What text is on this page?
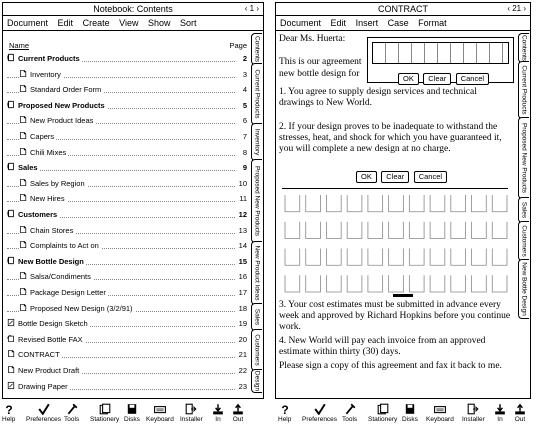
Notebook: Contents	‹ 1 ›
Document Edit Create View Show Sort
Name	Page
Current Products	2
Inventory	3
Standard Order Form	4
Proposed New Products	5
New Product Ideas	6
Capers	7
Chili Mixes	8
Sales	9
Sales by Region	10
New Hires	11
Customers	12
Chain Stores	13
Complaints to Act on	14
New Bottle Design	15
Salsa/Condiments	16
Package Design Letter	17
Proposed New Design (3/2/91)	18
Bottle Design Sketch	19
Revised Bottle FAX	20
CONTRACT	21
New Product Draft	22
Drawing Paper	23
Contents
Current Products
Inventory
Proposed New Products
New Product Ideas
Sales
Customers
Design
CONTRACT	‹ 21 ›
Document Edit Insert Case Format
Dear Ms. Huerta:
This is our agreement
new bottle design for	OK Clear Cancel
1. You agree to supply design services and technical drawings to New World.
2. If your design proves to be inadequate to withstand the stresses, heat, and shock for which you have guaranteed it, you will complete a new design at no charge.
OK Clear Cancel
3. Your cost estimates must be submitted in advance every week and approved by Richard Hopkins before you continue work.
4. New World will pay each invoice from an approved estimate within thirty (30) days.
Please sign a copy of this agreement and fax it back to me.
Contents
Current Products
Proposed New Products
Sales
Customers
New Bottle Design
?
Help Preferences Tools Stationery Disks Keyboard Installer	In	Out
?
Help Preferences Tools Stationery Disks Keyboard Installer	In	Out
